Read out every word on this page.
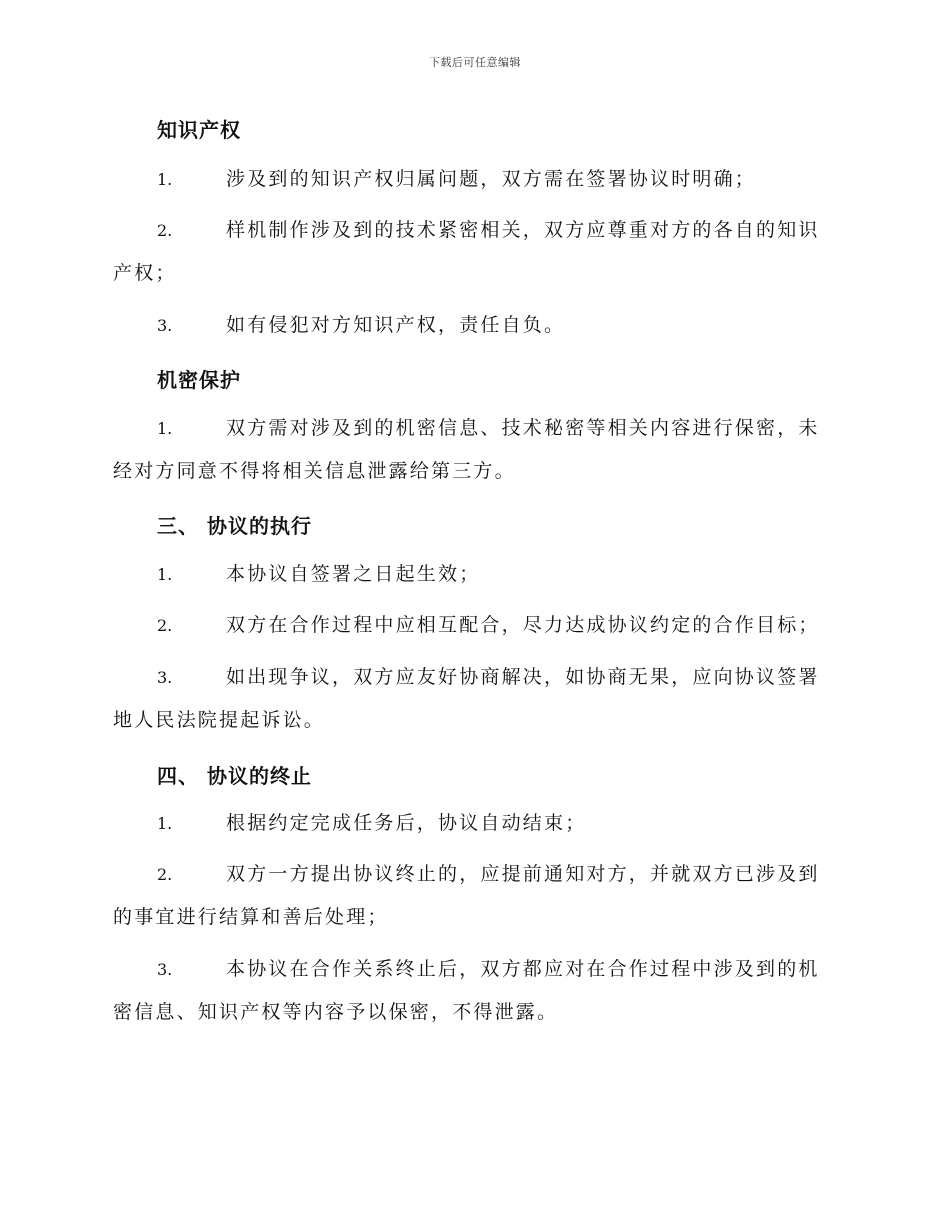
下载后可任意编辑
知识产权
1.	涉及到的知识产权归属问题，双方需在签署协议时明确；
2.	样机制作涉及到的技术紧密相关，双方应尊重对方的各自的知识产权；
3.	如有侵犯对方知识产权，责任自负。
机密保护
1.	双方需对涉及到的机密信息、技术秘密等相关内容进行保密，未经对方同意不得将相关信息泄露给第三方。
三、 协议的执行
1.	本协议自签署之日起生效；
2.	双方在合作过程中应相互配合，尽力达成协议约定的合作目标；
3.	如出现争议，双方应友好协商解决，如协商无果，应向协议签署地人民法院提起诉讼。
四、 协议的终止
1.	根据约定完成任务后，协议自动结束；
2.	双方一方提出协议终止的，应提前通知对方，并就双方已涉及到的事宜进行结算和善后处理；
3.	本协议在合作关系终止后，双方都应对在合作过程中涉及到的机密信息、知识产权等内容予以保密，不得泄露。
